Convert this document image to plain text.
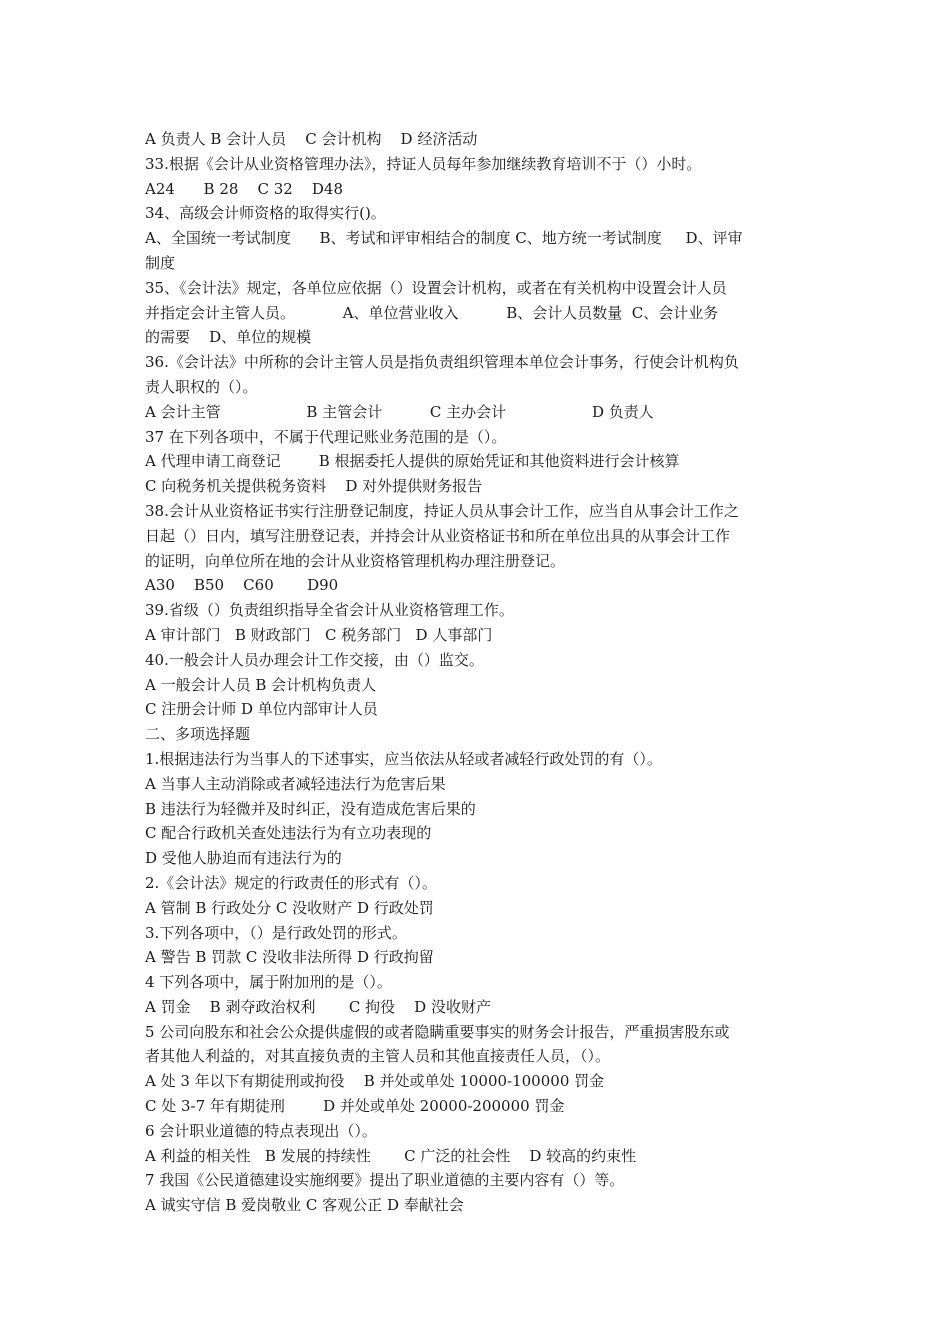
A 负责人 B 会计人员    C 会计机构    D 经济活动
33.根据《会计从业资格管理办法》，持证人员每年参加继续教育培训不于（）小时。
A24      B 28    C 32    D48
34、高级会计师资格的取得实行()。
A、全国统一考试制度      B、考试和评审相结合的制度 C、地方统一考试制度     D、评审
制度
35、《会计法》规定，各单位应依据（）设置会计机构，或者在有关机构中设置会计人员
并指定会计主管人员。          A、单位营业收入          B、会计人员数量  C、会计业务
的需要    D、单位的规模
36.《会计法》中所称的会计主管人员是指负责组织管理本单位会计事务，行使会计机构负
责人职权的（）。
A 会计主管                  B 主管会计          C 主办会计                  D 负责人
37 在下列各项中，不属于代理记账业务范围的是（）。
A 代理申请工商登记        B 根据委托人提供的原始凭证和其他资料进行会计核算
C 向税务机关提供税务资料    D 对外提供财务报告
38.会计从业资格证书实行注册登记制度，持证人员从事会计工作，应当自从事会计工作之
日起（）日内，填写注册登记表，并持会计从业资格证书和所在单位出具的从事会计工作
的证明，向单位所在地的会计从业资格管理机构办理注册登记。
A30    B50    C60       D90
39.省级（）负责组织指导全省会计从业资格管理工作。
A 审计部门   B 财政部门   C 税务部门   D 人事部门
40.一般会计人员办理会计工作交接，由（）监交。
A 一般会计人员 B 会计机构负责人
C 注册会计师 D 单位内部审计人员
二、多项选择题
1.根据违法行为当事人的下述事实，应当依法从轻或者减轻行政处罚的有（）。
A 当事人主动消除或者减轻违法行为危害后果
B 违法行为轻微并及时纠正，没有造成危害后果的
C 配合行政机关查处违法行为有立功表现的
D 受他人胁迫而有违法行为的
2.《会计法》规定的行政责任的形式有（）。
A 管制 B 行政处分 C 没收财产 D 行政处罚
3.下列各项中，（）是行政处罚的形式。
A 警告 B 罚款 C 没收非法所得 D 行政拘留
4 下列各项中，属于附加刑的是（）。
A 罚金    B 剥夺政治权利       C 拘役    D 没收财产
5 公司向股东和社会公众提供虚假的或者隐瞒重要事实的财务会计报告，严重损害股东或
者其他人利益的，对其直接负责的主管人员和其他直接责任人员，（）。
A 处 3 年以下有期徒刑或拘役    B 并处或单处 10000-100000 罚金
C 处 3-7 年有期徒刑        D 并处或单处 20000-200000 罚金
6 会计职业道德的特点表现出（）。
A 利益的相关性   B 发展的持续性       C 广泛的社会性    D 较高的约束性
7 我国《公民道德建设实施纲要》提出了职业道德的主要内容有（）等。
A 诚实守信 B 爱岗敬业 C 客观公正 D 奉献社会
